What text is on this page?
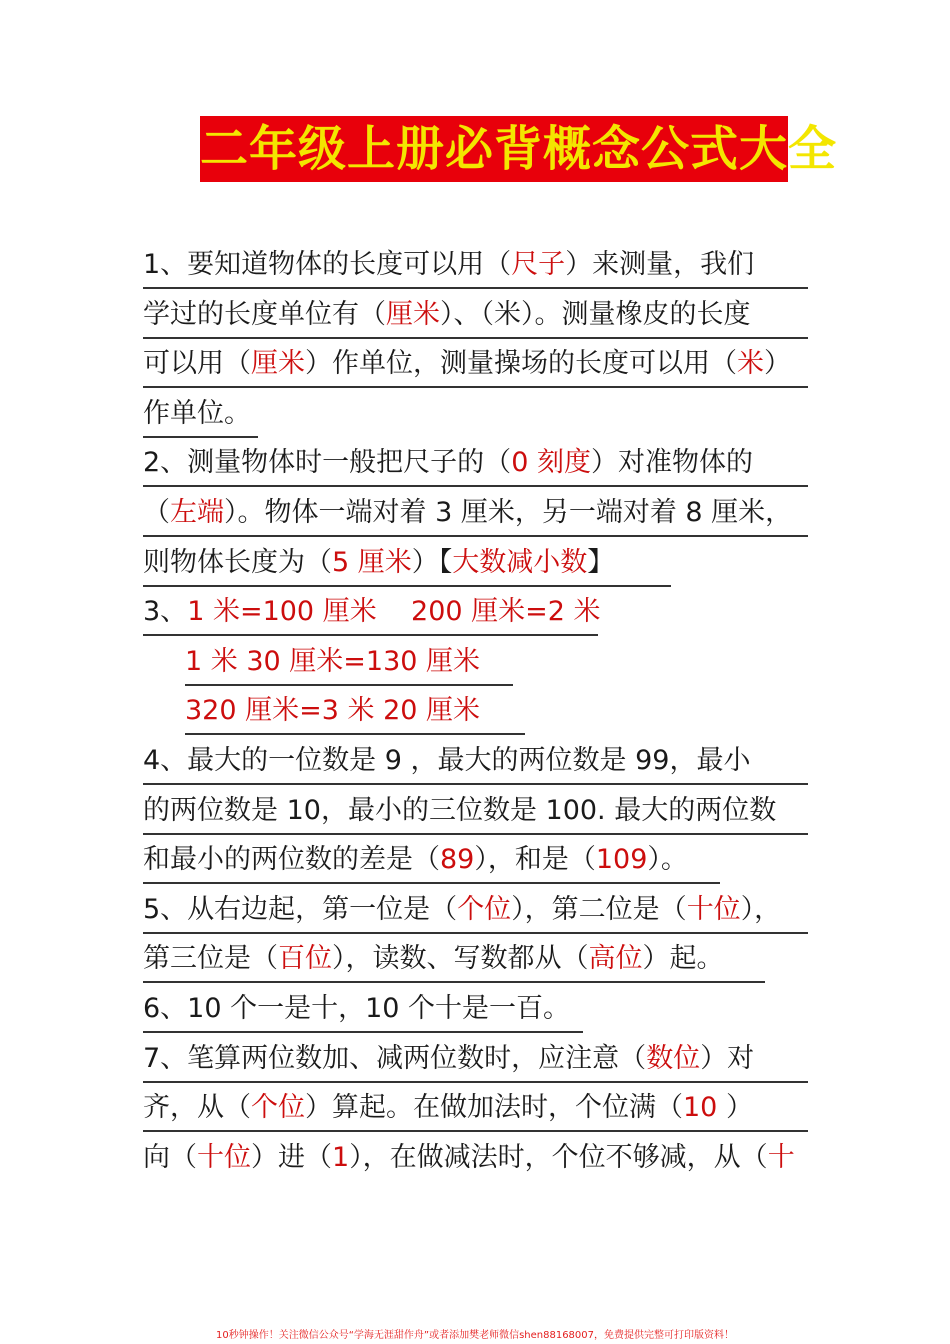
二年级上册必背概念公式大全
1、要知道物体的长度可以用（尺子）来测量，我们
学过的长度单位有（厘米）、（米）。测量橡皮的长度
可以用（厘米）作单位，测量操场的长度可以用（米）
作单位。
2、测量物体时一般把尺子的（0 刻度）对准物体的
（左端）。物体一端对着 3 厘米，另一端对着 8 厘米，
则物体长度为（5 厘米）【大数减小数】
3、1 米=100 厘米    200 厘米=2 米
1 米 30 厘米=130 厘米
320 厘米=3 米 20 厘米
4、最大的一位数是 9 ，最大的两位数是 99，最小
的两位数是 10，最小的三位数是 100. 最大的两位数
和最小的两位数的差是（89），和是（109）。
5、从右边起，第一位是（个位），第二位是（十位），
第三位是（百位），读数、写数都从（高位）起。
6、10 个一是十，10 个十是一百。
7、笔算两位数加、减两位数时，应注意（数位）对
齐，从（个位）算起。在做加法时，个位满（10 ）
向（十位）进（1），在做减法时，个位不够减，从（十
10秒钟操作！关注微信公众号“学海无涯甜作舟”或者添加樊老师微信shen88168007，免费提供完整可打印版资料！
